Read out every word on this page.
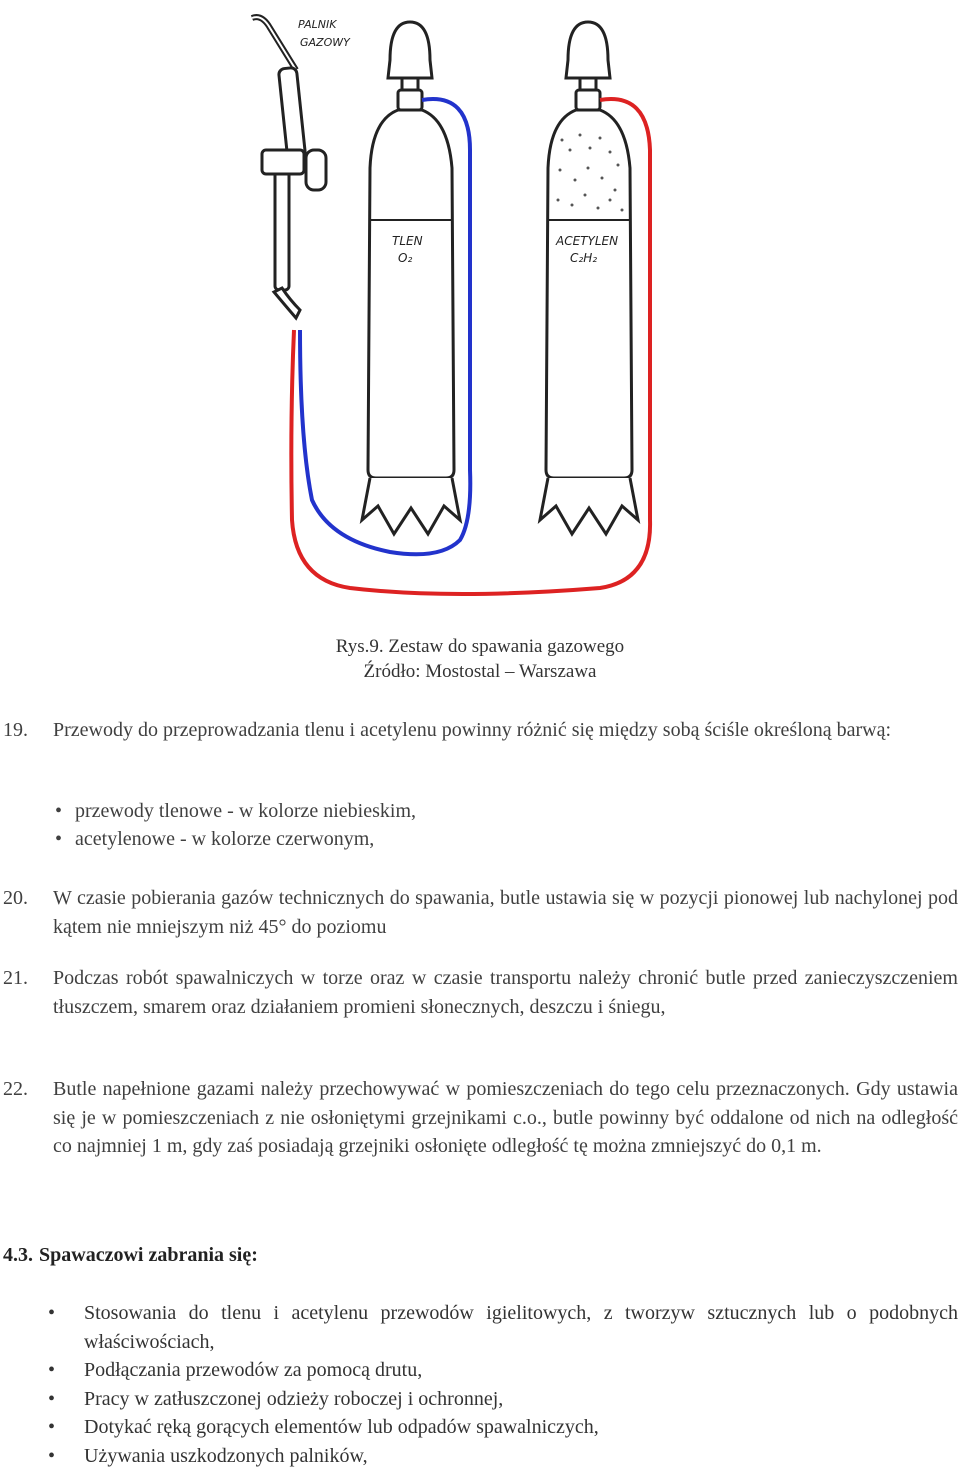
PALNIK
GAZOWY
TLEN
O₂
ACETYLEN
C₂H₂
Rys.9. Zestaw do spawania gazowego
Źródło: Mostostal – Warszawa
19. Przewody do przeprowadzania tlenu i acetylenu powinny różnić się między sobą ściśle określoną barwą:
• przewody tlenowe - w kolorze niebieskim,
• acetylenowe - w kolorze czerwonym,
20. W czasie pobierania gazów technicznych do spawania, butle ustawia się w pozycji pionowej lub nachylonej pod kątem nie mniejszym niż 45° do poziomu
21. Podczas robót spawalniczych w torze oraz w czasie transportu należy chronić butle przed zanieczyszczeniem tłuszczem, smarem oraz działaniem promieni słonecznych, deszczu i śniegu,
22. Butle napełnione gazami należy przechowywać w pomieszczeniach do tego celu przeznaczonych. Gdy ustawia się je w pomieszczeniach z nie osłoniętymi grzejnikami c.o., butle powinny być oddalone od nich na odległość co najmniej 1 m, gdy zaś posiadają grzejniki osłonięte odległość tę można zmniejszyć do 0,1 m.
4.3. Spawaczowi zabrania się:
• Stosowania do tlenu i acetylenu przewodów igielitowych, z tworzyw sztucznych lub o podobnych właściwościach,
• Podłączania przewodów za pomocą drutu,
• Pracy w zatłuszczonej odzieży roboczej i ochronnej,
• Dotykać ręką gorących elementów lub odpadów spawalniczych,
• Używania uszkodzonych palników,
